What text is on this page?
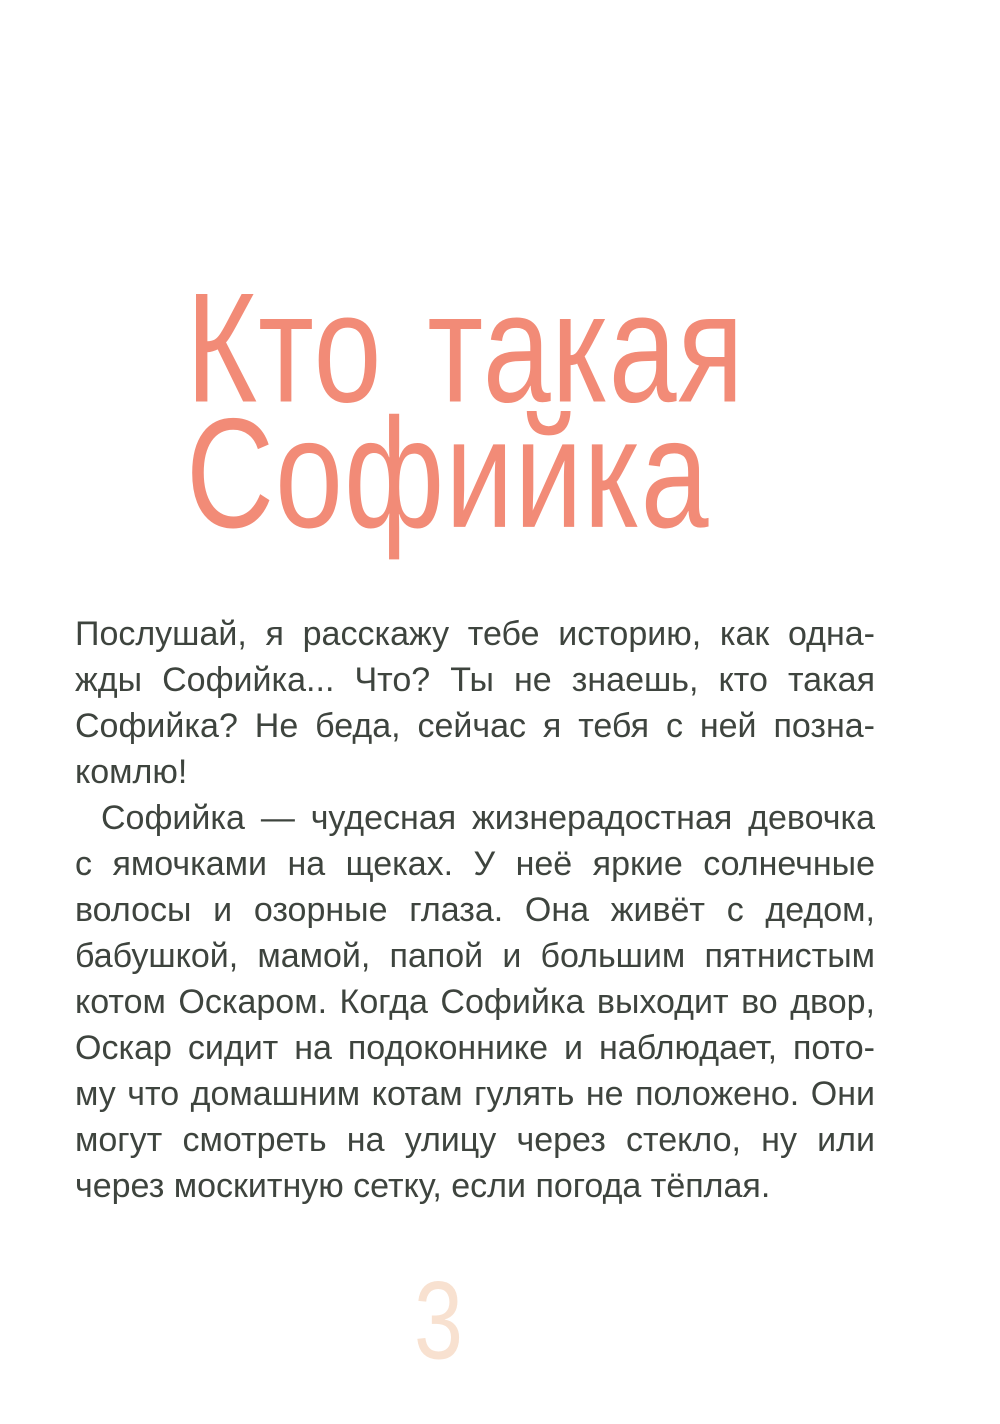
Кто такая
Софийка
Послушай, я расскажу тебе историю, как одна-
жды Софийка... Что? Ты не знаешь, кто такая
Софийка? Не беда, сейчас я тебя с ней позна-
комлю!
Софийка — чудесная жизнерадостная девочка
с ямочками на щеках. У неё яркие солнечные
волосы и озорные глаза. Она живёт с дедом,
бабушкой, мамой, папой и большим пятнистым
котом Оскаром. Когда Софийка выходит во двор,
Оскар сидит на подоконнике и наблюдает, пото-
му что домашним котам гулять не положено. Они
могут смотреть на улицу через стекло, ну или
через москитную сетку, если погода тёплая.
3
